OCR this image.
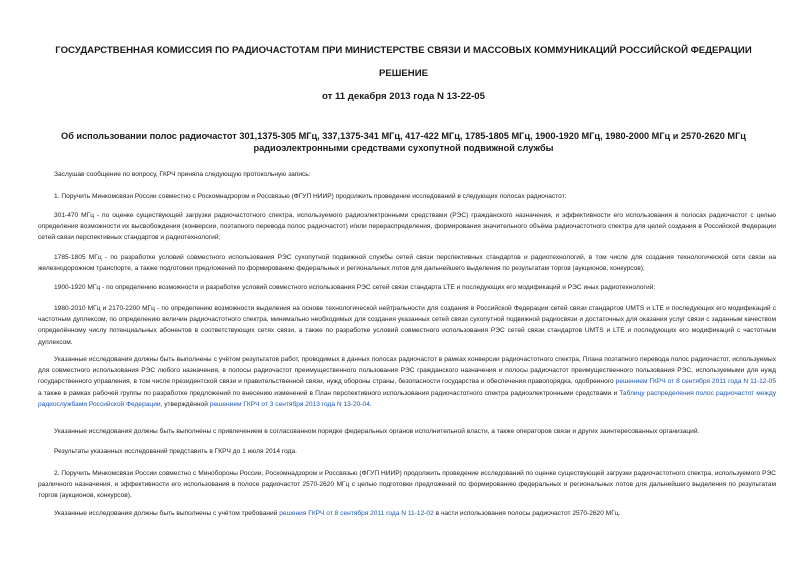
ГОСУДАРСТВЕННАЯ КОМИССИЯ ПО РАДИОЧАСТОТАМ ПРИ МИНИСТЕРСТВЕ СВЯЗИ И МАССОВЫХ КОММУНИКАЦИЙ РОССИЙСКОЙ ФЕДЕРАЦИИ
РЕШЕНИЕ
от 11 декабря 2013 года N 13-22-05
Об использовании полос радиочастот 301,1375-305 МГц, 337,1375-341 МГц, 417-422 МГц, 1785-1805 МГц, 1900-1920 МГц, 1980-2000 МГц и 2570-2620 МГц радиоэлектронными средствами сухопутной подвижной службы
Заслушав сообщение по вопросу, ГКРЧ приняла следующую протокольную запись:
1. Поручить Минкомсвязи России совместно с Роскомнадзором и Россвязью (ФГУП НИИР) продолжить проведение исследований в следующих полосах радиочастот:
301-470 МГц - по оценке существующей загрузки радиочастотного спектра, используемого радиоэлектронными средствами (РЭС) гражданского назначения, и эффективности его использования в полосах радиочастот с целью определения возможности их высвобождения (конверсии, поэтапного перевода полос радиочастот) и/или перераспределения, формирования значительного объёма радиочастотного спектра для целей создания в Российской Федерации сетей связи перспективных стандартов и радиотехнологий;
1785-1805 МГц - по разработке условий совместного использования РЭС сухопутной подвижной службы сетей связи перспективных стандартов и радиотехнологий, в том числе для создания технологической сети связи на железнодорожном транспорте, а также подготовки предложений по формированию федеральных и региональных лотов для дальнейшего выделения по результатам торгов (аукционов, конкурсов);
1900-1920 МГц - по определению возможности и разработке условий совместного использования РЭС сетей связи стандарта LTE и последующих его модификаций и РЭС иных радиотехнологий;
1980-2010 МГц и 2170-2200 МГц - по определению возможности выделения на основе технологической нейтральности для создания в Российской Федерации сетей связи стандартов UMTS и LTE и последующих его модификаций с частотным дуплексом, по определению величин радиочастотного спектра, минимально необходимых для создания указанных сетей связи сухопутной подвижной радиосвязи и достаточных для оказания услуг связи с заданным качеством определённому числу потенциальных абонентов в соответствующих сетях связи, а также по разработке условий совместного использования РЭС сетей связи стандартов UMTS и LTE и последующих его модификаций с частотным дуплексом.
Указанные исследования должны быть выполнены с учётом результатов работ, проводимых в данных полосах радиочастот в рамках конверсии радиочастотного спектра, Плана поэтапного перевода полос радиочастот, используемых для совместного использования РЭС любого назначения, в полосы радиочастот преимущественного пользования РЭС гражданского назначения и полосы радиочастот преимущественного пользования РЭС, используемыми для нужд государственного управления, в том числе президентской связи и правительственной связи, нужд обороны страны, безопасности государства и обеспечения правопорядка, одобренного решением ГКРЧ от 8 сентября 2011 года N 11-12-05 а также в рамках рабочей группы по разработке предложений по внесению изменений в План перспективного использования радиочастотного спектра радиоэлектронными средствами и Таблицу распределения полос радиочастот между радиослужбами Российской Федерации, утверждённой решением ГКРЧ от 3 сентября 2013 года N 13-20-04.
Указанные исследования должны быть выполнены с привлечением в согласованном порядке федеральных органов исполнительной власти, а также операторов связи и других заинтересованных организаций.
Результаты указанных исследований представить в ГКРЧ до 1 июля 2014 года.
2. Поручить Минкомсвязи России совместно с Минобороны России, Роскомнадзором и Россвязью (ФГУП НИИР) продолжить проведение исследований по оценке существующей загрузки радиочастотного спектра, используемого РЭС различного назначения, и эффективности его использования в полосе радиочастот 2570-2620 МГц с целью подготовки предложений по формированию федеральных и региональных лотов для дальнейшего выделения по результатам торгов (аукционов, конкурсов).
Указанные исследования должны быть выполнены с учётом требований решения ГКРЧ от 8 сентября 2011 года N 11-12-02 в части использования полосы радиочастот 2570-2620 МГц.
